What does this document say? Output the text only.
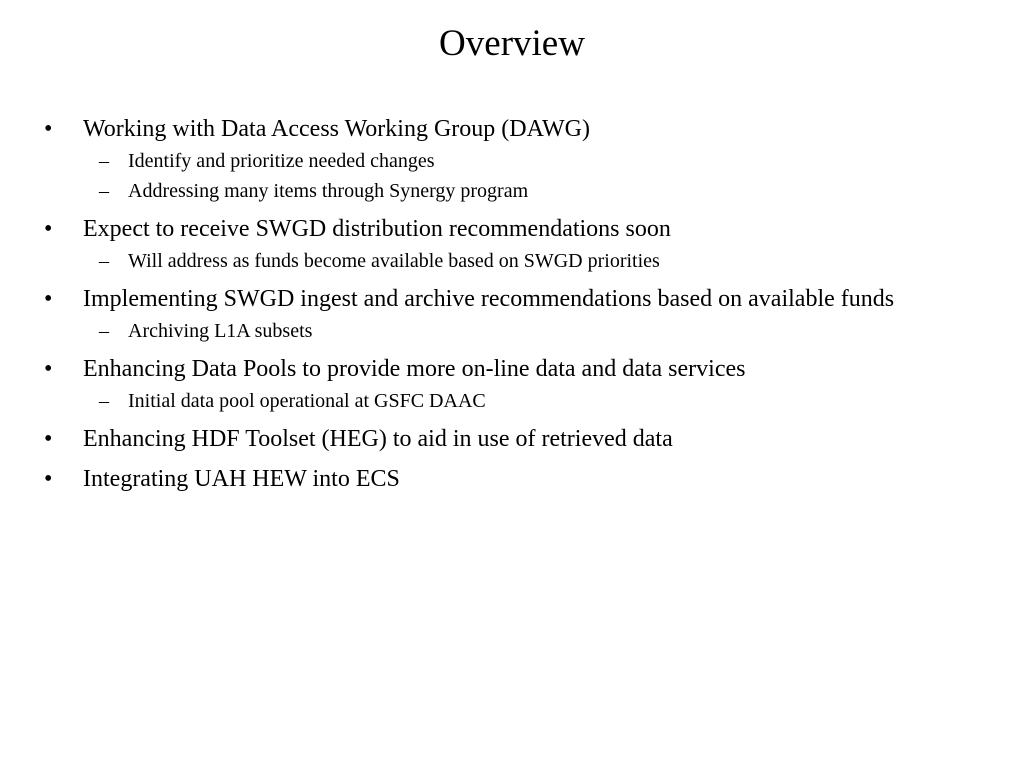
Overview
•	Working with Data Access Working Group (DAWG)
– Identify and prioritize needed changes
– Addressing many items through Synergy program
•	Expect to receive SWGD distribution recommendations soon
– Will address as funds become available based on SWGD priorities
•	Implementing SWGD ingest and archive recommendations based on available funds
– Archiving L1A subsets
•	Enhancing Data Pools to provide more on-line data and data services
– Initial data pool operational at GSFC DAAC
•	Enhancing HDF Toolset (HEG) to aid in use of retrieved data
•	Integrating UAH HEW into ECS
